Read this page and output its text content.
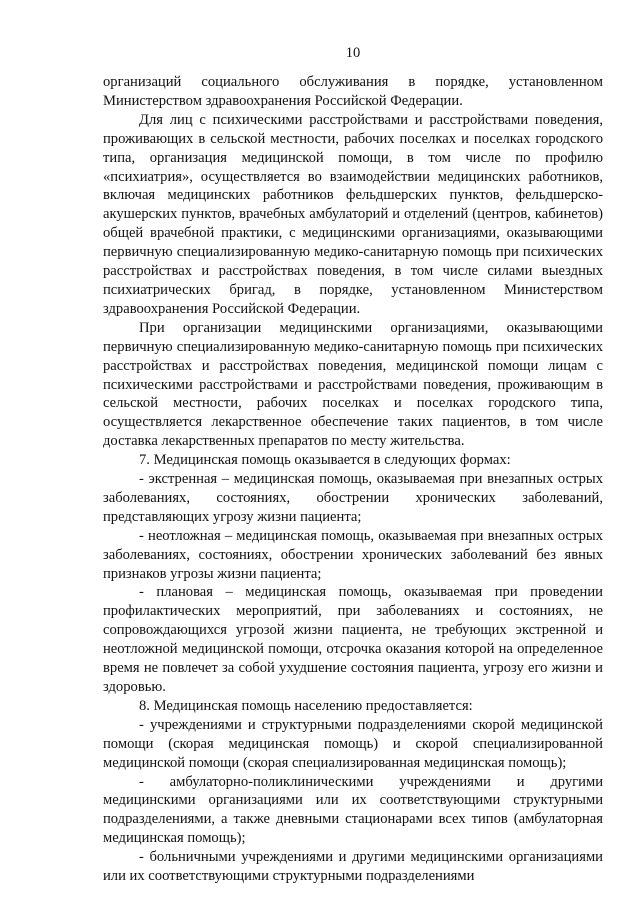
10

организаций социального обслуживания в порядке, установленном Министерством здравоохранения Российской Федерации.

Для лиц с психическими расстройствами и расстройствами поведения, проживающих в сельской местности, рабочих поселках и поселках городского типа, организация медицинской помощи, в том числе по профилю «психиатрия», осуществляется во взаимодействии медицинских работников, включая медицинских работников фельдшерских пунктов, фельдшерско-акушерских пунктов, врачебных амбулаторий и отделений (центров, кабинетов) общей врачебной практики, с медицинскими организациями, оказывающими первичную специализированную медико-санитарную помощь при психических расстройствах и расстройствах поведения, в том числе силами выездных психиатрических бригад, в порядке, установленном Министерством здравоохранения Российской Федерации.

При организации медицинскими организациями, оказывающими первичную специализированную медико-санитарную помощь при психических расстройствах и расстройствах поведения, медицинской помощи лицам с психическими расстройствами и расстройствами поведения, проживающим в сельской местности, рабочих поселках и поселках городского типа, осуществляется лекарственное обеспечение таких пациентов, в том числе доставка лекарственных препаратов по месту жительства.

7. Медицинская помощь оказывается в следующих формах:

- экстренная – медицинская помощь, оказываемая при внезапных острых заболеваниях, состояниях, обострении хронических заболеваний, представляющих угрозу жизни пациента;

- неотложная – медицинская помощь, оказываемая при внезапных острых заболеваниях, состояниях, обострении хронических заболеваний без явных признаков угрозы жизни пациента;

- плановая – медицинская помощь, оказываемая при проведении профилактических мероприятий, при заболеваниях и состояниях, не сопровождающихся угрозой жизни пациента, не требующих экстренной и неотложной медицинской помощи, отсрочка оказания которой на определенное время не повлечет за собой ухудшение состояния пациента, угрозу его жизни и здоровью.

8. Медицинская помощь населению предоставляется:

- учреждениями и структурными подразделениями скорой медицинской помощи (скорая медицинская помощь) и скорой специализированной медицинской помощи (скорая специализированная медицинская помощь);

- амбулаторно-поликлиническими учреждениями и другими медицинскими организациями или их соответствующими структурными подразделениями, а также дневными стационарами всех типов (амбулаторная медицинская помощь);

- больничными учреждениями и другими медицинскими организациями или их соответствующими структурными подразделениями
